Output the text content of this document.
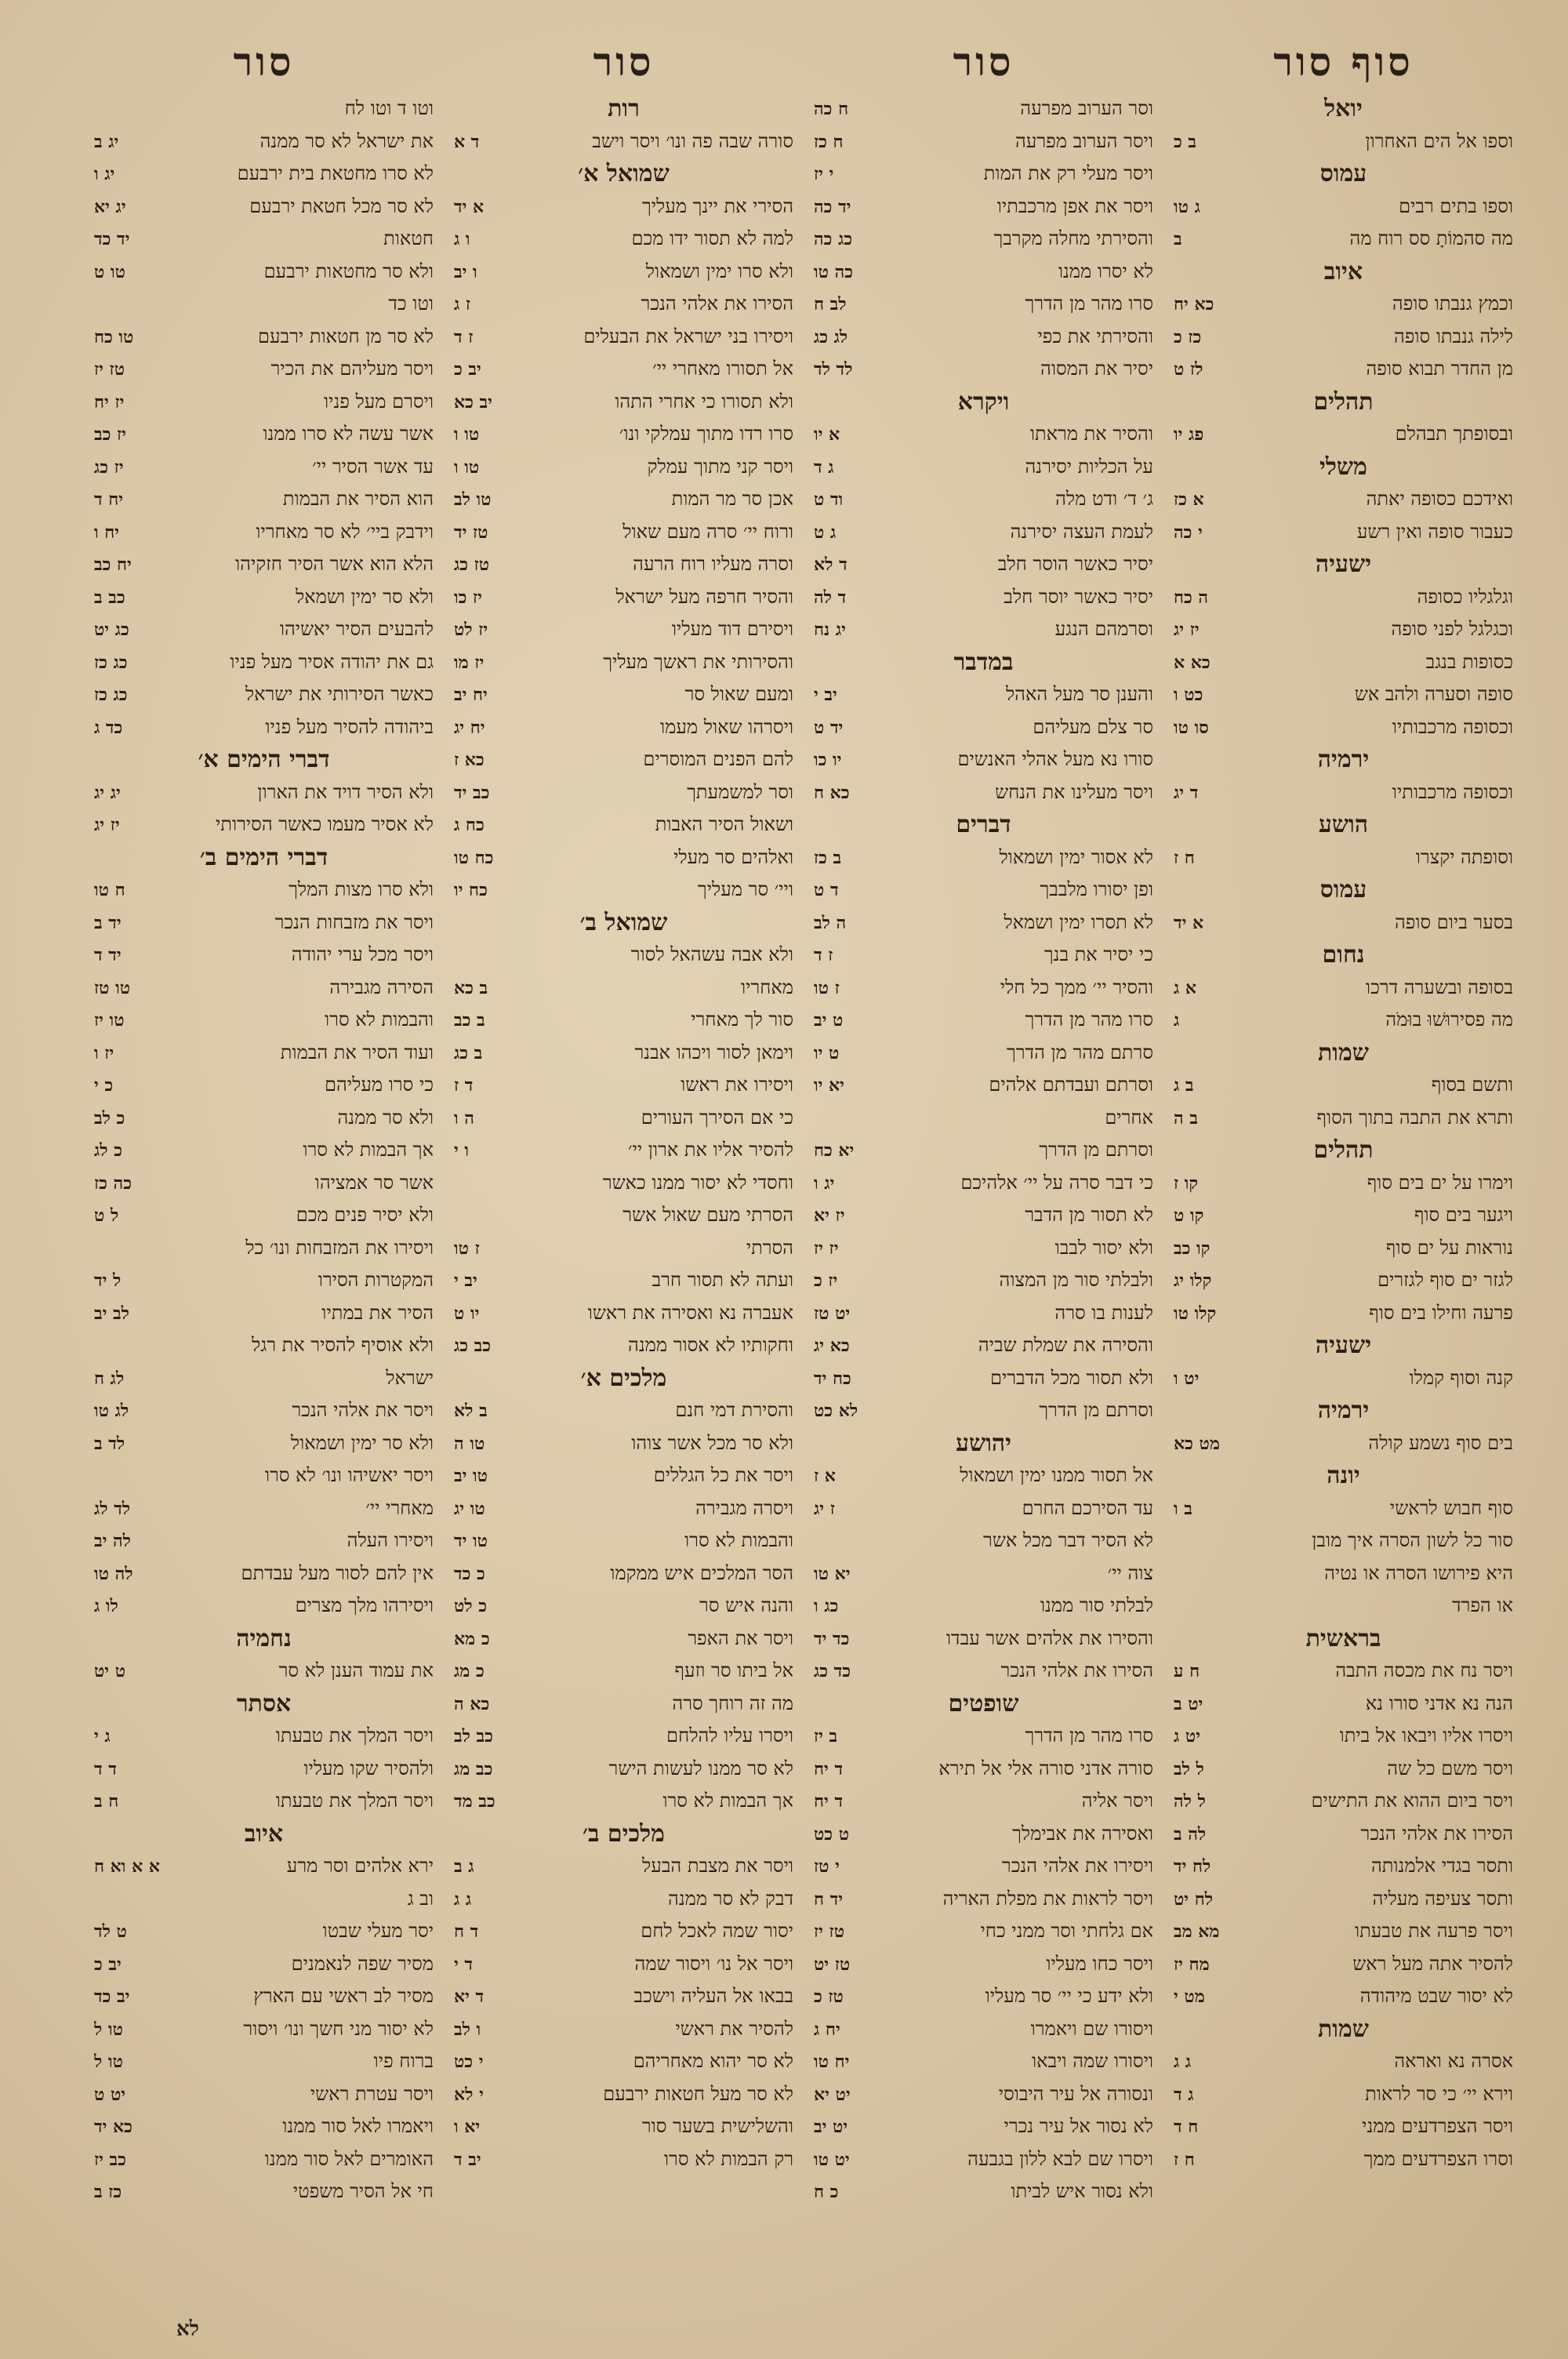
סוף סור
יואל
וספו אל הים האחרון
ב כ
עמוס
וספו בתים רבים
ג טו
מה סהמוֹתָ סס רוח מה
ב
איוב
וכמץ גנבתו סופה
כא יח
לילה גנבתו סופה
כז כ
מן החדר תבוא סופה
לז ט
תהלים
ובסופתך תבהלם
פג יו
משלי
ואידכם כסופה יאתה
א כז
כעבור סופה ואין רשע
י כה
ישעיה
וגלגליו כסופה
ה כח
וכגלגל לפני סופה
יז יג
כסופות בנגב
כא א
סופה וסערה ולהב אש
כט ו
וכסופה מרכבותיו
סו טו
ירמיה
וכסופה מרכבותיו
ד יג
הושע
וסופתה יקצרו
ח ז
עמוס
בסער ביום סופה
א יד
נחום
בסופה ובשערה דרכו
א ג
מה פסירוּשׁוּ בוּמֹה
ג
שמות
ותשם בסוף
ב ג
ותרא את התבה בתוך הסוף
ב ה
תהלים
וימרו על ים בים סוף
קו ז
ויגער בים סוף
קו ט
נוראות על ים סוף
קו כב
לגזר ים סוף לגזרים
קלו יג
פרעה וחילו בים סוף
קלו טו
ישעיה
קנה וסוף קמלו
יט ו
ירמיה
בים סוף נשמע קולה
מט כא
יונה
סוף חבוש לראשי
ב ו
סור כל לשון הסרה איך מובן
היא פירושו הסרה או נטיה
או הפרד
בראשית
ויסר נח את מכסה התבה
ח ע
הנה נא אדני סורו נא
יט ב
ויסרו אליו ויבאו אל ביתו
יט ג
ויסר משם כל שה
ל לב
ויסר ביום ההוא את התישים
ל לה
הסירו את אלהי הנכר
לה ב
ותסר בגדי אלמנותה
לח יד
ותסר צעיפה מעליה
לח יט
ויסר פרעה את טבעתו
מא מב
להסיר אתה מעל ראש
מח יז
לא יסור שבט מיהודה
מט י
שמות
אסרה נא ואראה
ג ג
וירא יי׳ כי סר לראות
ג ד
ויסר הצפרדעים ממני
ח ד
וסרו הצפרדעים ממך
ח ז
סור
וסר הערוב מפרעה
ח כה
ויסר הערוב מפרעה
ח כז
ויסר מעלי רק את המות
י יז
ויסר את אפן מרכבתיו
יד כה
והסירתי מחלה מקרבך
כג כה
לא יסרו ממנו
כה טו
סרו מהר מן הדרך
לב ח
והסירתי את כפי
לג כג
יסיר את המסוה
לד לד
ויקרא
והסיר את מראתו
א יו
על הכליות יסירנה
ג ד
ג׳ ד׳ ודט מלה
וד ט
לעמת העצה יסירנה
ג ט
יסיר כאשר הוסר חלב
ד לא
יסיר כאשר יוסר חלב
ד לה
וסרמהם הנגע
יג נח
במדבר
והענן סר מעל האהל
יב י
סר צלם מעליהם
יד ט
סורו נא מעל אהלי האנשים
יו כו
ויסר מעלינו את הנחש
כא ח
דברים
לא אסור ימין ושמאול
ב כז
ופן יסורו מלבבך
ד ט
לא תסרו ימין ושמאל
ה לב
כי יסיר את בנך
ז ד
והסיר יי׳ ממך כל חלי
ז טו
סרו מהר מן הדרך
ט יב
סרתם מהר מן הדרך
ט יו
וסרתם ועבדתם אלהים
יא יו
אחרים
וסרתם מן הדרך
יא כח
כי דבר סרה על יי׳ אלהיכם
יג ו
לא תסור מן הדבר
יז יא
ולא יסור לבבו
יז יז
ולבלתי סור מן המצוה
יז כ
לענות בו סרה
יט טז
והסירה את שמלת שביה
כא יג
ולא תסור מכל הדברים
כח יד
וסרתם מן הדרך
לא כט
יהושע
אל תסור ממנו ימין ושמאול
א ז
עד הסירכם החרם
ז יג
לא הסיר דבר מכל אשר
צוה יי׳
יא טו
לבלתי סור ממנו
כג ו
והסירו את אלהים אשר עבדו
כד יד
הסירו את אלהי הנכר
כד כג
שופטים
סרו מהר מן הדרך
ב יז
סורה אדני סורה אלי אל תירא
ד יח
ויסר אליה
ד יח
ואסירה את אבימלך
ט כט
ויסירו את אלהי הנכר
י טז
ויסר לראות את מפלת האריה
יד ח
אם גלחתי וסר ממני כחי
טז יז
ויסר כחו מעליו
טז יט
ולא ידע כי יי׳ סר מעליו
טז כ
ויסורו שם ויאמרו
יח ג
ויסורו שמה ויבאו
יח טו
ונסורה אל עיר היבוסי
יט יא
לא נסור אל עיר נכרי
יט יב
ויסרו שם לבא ללון בגבעה
יט טו
ולא נסור איש לביתו
כ ח
סור
רות
סורה שבה פה ונו׳ ויסר וישב
ד א
שמואל א׳
הסירי את יינך מעליך
א יד
למה לא תסור ידו מכם
ו ג
ולא סרו ימין ושמאול
ו יב
הסירו את אלהי הנכר
ז ג
ויסירו בני ישראל את הבעלים
ז ד
אל תסורו מאחרי יי׳
יב כ
ולא תסורו כי אחרי התהו
יב כא
סרו רדו מתוך עמלקי ונו׳
טו ו
ויסר קני מתוך עמלק
טו ו
אכן סר מר המות
טו לב
ורוח יי׳ סרה מעם שאול
טז יד
וסרה מעליו רוח הרעה
טז כג
והסיר חרפה מעל ישראל
יז כו
ויסירם דוד מעליו
יז לט
והסירותי את ראשך מעליך
יז מו
ומעם שאול סר
יח יב
ויסרהו שאול מעמו
יח יג
להם הפנים המוסרים
כא ז
וסר למשמעתך
כב יד
ושאול הסיר האבות
כח ג
ואלהים סר מעלי
כח טו
ויי׳ סר מעליך
כח יו
שמואל ב׳
ולא אבה עשהאל לסור
מאחריו
ב כא
סור לך מאחרי
ב כב
וימאן לסור ויכהו אבנר
ב כג
ויסירו את ראשו
ד ז
כי אם הסירך העורים
ה ו
להסיר אליו את ארון יי׳
ו י
וחסדי לא יסור ממנו כאשר
הסרתי מעם שאול אשר
הסרתי
ז טו
ועתה לא תסור חרב
יב י
אעברה נא ואסירה את ראשו
יו ט
וחקותיו לא אסור ממנה
כב כג
מלכים א׳
והסירת דמי חנם
ב לא
ולא סר מכל אשר צוהו
טו ה
ויסר את כל הגללים
טו יב
ויסרה מגבירה
טו יג
והבמות לא סרו
טו יד
הסר המלכים איש ממקמו
כ כד
והנה איש סר
כ לט
ויסר את האפר
כ מא
אל ביתו סר וזעף
כ מג
מה זה רוחך סרה
כא ה
ויסרו עליו להלחם
כב לב
לא סר ממנו לעשות הישר
כב מג
אך הבמות לא סרו
כב מד
מלכים ב׳
ויסר את מצבת הבעל
ג ב
דבק לא סר ממנה
ג ג
יסור שמה לאכל לחם
ד ח
ויסר אל נו׳ ויסור שמה
ד י
בבאו אל העליה וישכב
ד יא
להסיר את ראשי
ו לב
לא סר יהוא מאחריהם
י כט
לא סר מעל חטאות ירבעם
י לא
והשלישית בשער סור
יא ו
רק הבמות לא סרו
יב ד
סור
וטו ד וטו לח
את ישראל לא סר ממנה
יג ב
לא סרו מחטאת בית ירבעם
יג ו
לא סר מכל חטאת ירבעם
יג יא
חטאות
יד כד
ולא סר מחטאות ירבעם
טו ט
וטו כד
לא סר מן חטאות ירבעם
טו כח
ויסר מעליהם את הכיר
טז יז
ויסרם מעל פניו
יז יח
אשר עשה לא סרו ממנו
יז כב
עד אשר הסיר יי׳
יז כג
הוא הסיר את הבמות
יח ד
וידבק ביי׳ לא סר מאחריו
יח ו
הלא הוא אשר הסיר חזקיהו
יח כב
ולא סר ימין ושמאל
כב ב
להבעים הסיר יאשיהו
כג יט
גם את יהודה אסיר מעל פניו
כג כז
כאשר הסירותי את ישראל
כג כז
ביהודה להסיר מעל פניו
כד ג
דברי הימים א׳
ולא הסיר דויד את הארון
יג יג
לא אסיר מעמו כאשר הסירותי
יז יג
דברי הימים ב׳
ולא סרו מצות המלך
ח טו
ויסר את מזבחות הנכר
יד ב
ויסר מכל ערי יהודה
יד ד
הסירה מגבירה
טו טז
והבמות לא סרו
טו יז
ועוד הסיר את הבמות
יז ו
כי סרו מעליהם
כ י
ולא סר ממנה
כ לב
אך הבמות לא סרו
כ לג
אשר סר אמציהו
כה כז
ולא יסיר פנים מכם
ל ט
ויסירו את המזבחות ונו׳ כל
המקטרות הסירו
ל יד
הסיר את במתיו
לב יב
ולא אוסיף להסיר את רגל
ישראל
לג ח
ויסר את אלהי הנכר
לג טו
ולא סר ימין ושמאול
לד ב
ויסר יאשיהו ונו׳ לא סרו
מאחרי יי׳
לד לג
ויסירו העלה
לה יב
אין להם לסור מעל עבדתם
לה טו
ויסירהו מלך מצרים
לו ג
נחמיה
את עמוד הענן לא סר
ט יט
אסתר
ויסר המלך את טבעתו
ג י
ולהסיר שקו מעליו
ד ד
ויסר המלך את טבעתו
ח ב
איוב
ירא אלהים וסר מרע
א א וא ח
וב ג
יסר מעלי שבטו
ט לד
מסיר שפה לנאמנים
יב כ
מסיר לב ראשי עם הארץ
יב כד
לא יסור מני חשך ונו׳ ויסור
טו ל
ברוח פיו
טו ל
ויסר עטרת ראשי
יט ט
ויאמרו לאל סור ממנו
כא יד
האומרים לאל סור ממנו
כב יז
חי אל הסיר משפטי
כז ב
לא
